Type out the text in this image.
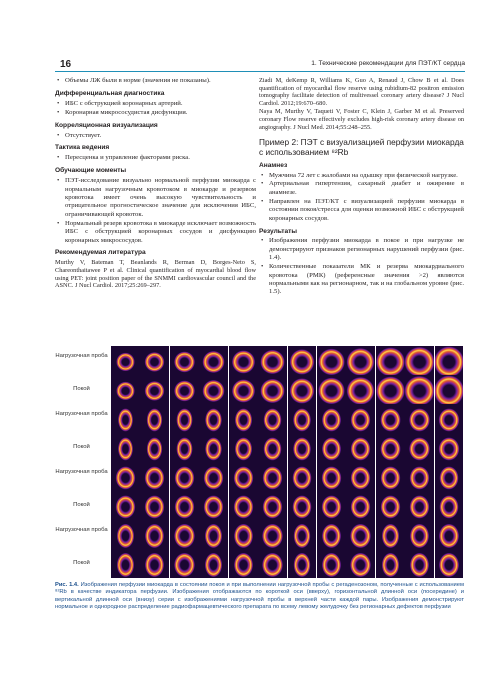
16	1. Технические рекомендации для ПЭТ/КТ сердца
• Объемы ЛЖ были в норме (значения не показаны).
Дифференциальная диагностика
• ИБС с обструкцией коронарных артерий.
• Коронарная микрососудистая дисфункция.
Корреляционная визуализация
• Отсутствует.
Тактика ведения
• Пересценка и управление факторами риска.
Обучающие моменты
• ПЭТ-исследование визуально нормальной перфузии миокарда с нормальным нагрузочным кровотоком в миокарде и резервом кровотока имеет очень высокую чувствительность и отрицательное прогностическое значение для исключения ИБС, ограничивающей кровоток.
• Нормальный резерв кровотока в миокарде исключает возможность ИБС с обструкцией коронарных сосудов и дисфункцию коронарных микрососудов.
Рекомендуемая литература
Murthy V, Bateman T, Beanlands R, Berman D, Borges-Neto S, Chareonthaitawee P et al. Clinical quantification of myocardial blood flow using PET: joint position paper of the SNMMI cardiovascular council and the ASNC. J Nucl Cardiol. 2017;25:269–297.
Ziadi M, deKemp R, Williams K, Guo A, Renaud J, Chow B et al. Does quantification of myocardial flow reserve using rubidium-82 positron emission tomography facilitate detection of multivessel coronary artery disease? J Nucl Cardiol. 2012;19:670–680.
Naya M, Murthy V, Taqueti V, Foster C, Klein J, Garber M et al. Preserved coronary Flow reserve effectively excludes high-risk coronary artery disease on angiography. J Nucl Med. 2014;55:248–255.
Пример 2: ПЭТ с визуализацией перфузии миокарда с использованием ⁸²Rb
Анамнез
• Мужчина 72 лет с жалобами на одышку при физической нагрузке.
• Артериальная гипертензия, сахарный диабет и ожирение в анамнезе.
• Направлен на ПЭТ/КТ с визуализацией перфузии миокарда в состоянии покоя/стресса для оценки возможной ИБС с обструкцией коронарных сосудов.
Результаты
• Изображения перфузии миокарда в покое и при нагрузке не демонстрируют признаков регионарных нарушений перфузии (рис. 1.4).
• Количественные показатели МК и резерва миокардиального кровотока (РМК) (референсные значения >2) являются нормальными как на регионарном, так и на глобальном уровне (рис. 1.5).
Нагрузочная проба
Покой
Нагрузочная проба
Покой
Нагрузочная проба
Покой
Нагрузочная проба
Покой
Рис. 1.4. Изображения перфузии миокарда в состоянии покоя и при выполнении нагрузочной пробы с регаденозоном, полученные с использованием ⁸²Rb в качестве индикатора перфузии. Изображения отображаются по короткой оси (вверху), горизонтальной длинной оси (посередине) и вертикальной длинной оси (внизу) серии с изображениями нагрузочной пробы в верхней части каждой пары. Изображения демонстрируют нормальное и однородное распределение радиофармацевтического препарата по всему левому желудочку без регионарных дефектов перфузии
